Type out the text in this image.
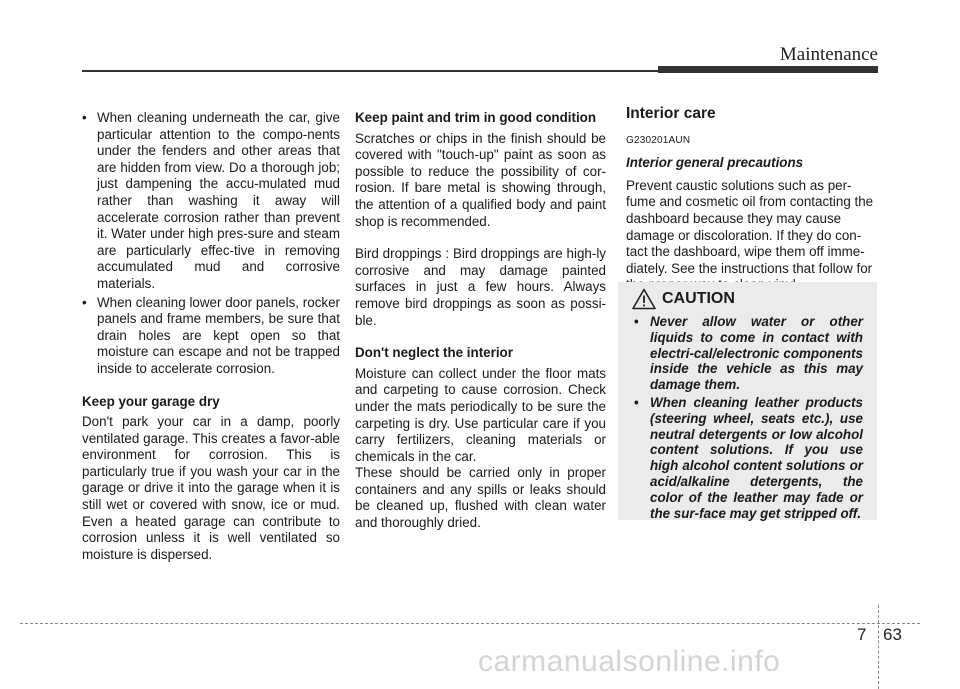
Maintenance
• When cleaning underneath the car, give particular attention to the compo-nents under the fenders and other areas that are hidden from view. Do a thorough job; just dampening the accu-mulated mud rather than washing it away will accelerate corrosion rather than prevent it. Water under high pres-sure and steam are particularly effec-tive in removing accumulated mud and corrosive materials.
• When cleaning lower door panels, rocker panels and frame members, be sure that drain holes are kept open so that moisture can escape and not be trapped inside to accelerate corrosion.

Keep your garage dry

Don't park your car in a damp, poorly ventilated garage. This creates a favor-able environment for corrosion. This is particularly true if you wash your car in the garage or drive it into the garage when it is still wet or covered with snow, ice or mud. Even a heated garage can contribute to corrosion unless it is well ventilated so moisture is dispersed.

Keep paint and trim in good condition

Scratches or chips in the finish should be covered with "touch-up" paint as soon as possible to reduce the possibility of cor-rosion. If bare metal is showing through, the attention of a qualified body and paint shop is recommended.

Bird droppings : Bird droppings are high-ly corrosive and may damage painted surfaces in just a few hours. Always remove bird droppings as soon as possi-ble.

Don't neglect the interior

Moisture can collect under the floor mats and carpeting to cause corrosion. Check under the mats periodically to be sure the carpeting is dry. Use particular care if you carry fertilizers, cleaning materials or chemicals in the car.

These should be carried only in proper containers and any spills or leaks should be cleaned up, flushed with clean water and thoroughly dried.

Interior care

G230201AUN

Interior general precautions

Prevent caustic solutions such as per-fume and cosmetic oil from contacting the dashboard because they may cause damage or discoloration. If they do con-tact the dashboard, wipe them off imme-diately. See the instructions that follow for

CAUTION
• Never allow water or other liquids to come in contact with electri-cal/electronic components inside the vehicle as this may damage them.
• When cleaning leather products (steering wheel, seats etc.), use neutral detergents or low alcohol content solutions. If you use high alcohol content solutions or acid/alkaline detergents, the color of the leather may fade or the sur-face may get stripped off.
7 63
carmanualsonline.info
